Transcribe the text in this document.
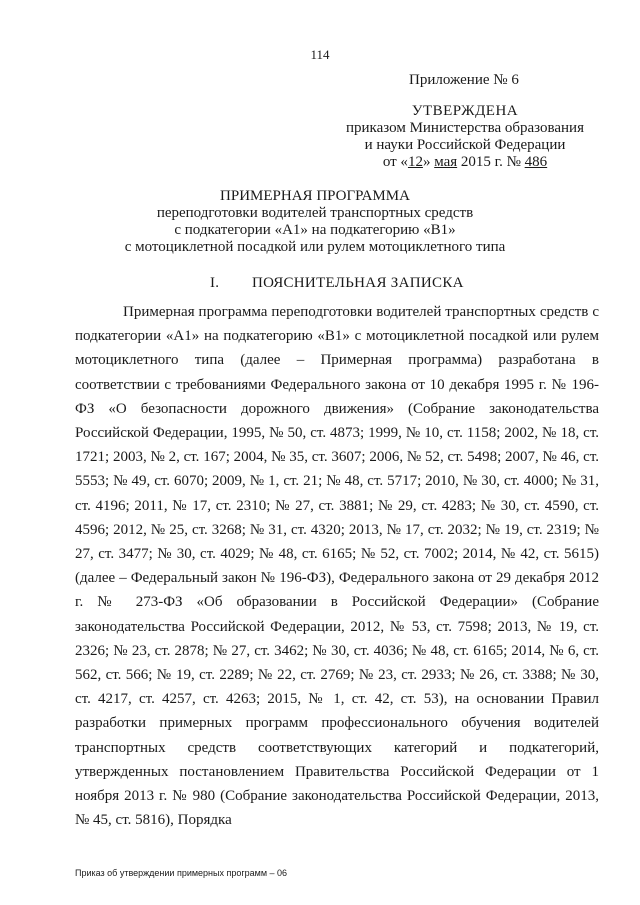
114
Приложение № 6
УТВЕРЖДЕНА
приказом Министерства образования
и науки Российской Федерации
от «12» мая 2015 г. № 486
ПРИМЕРНАЯ ПРОГРАММА
переподготовки водителей транспортных средств
с подкатегории «А1» на подкатегорию «В1»
с мотоциклетной посадкой или рулем мотоциклетного типа
I. ПОЯСНИТЕЛЬНАЯ ЗАПИСКА
Примерная программа переподготовки водителей транспортных средств с подкатегории «А1» на подкатегорию «В1» с мотоциклетной посадкой или рулем мотоциклетного типа (далее – Примерная программа) разработана в соответствии с требованиями Федерального закона от 10 декабря 1995 г. № 196-ФЗ «О безопасности дорожного движения» (Собрание законодательства Российской Федерации, 1995, № 50, ст. 4873; 1999, № 10, ст. 1158; 2002, № 18, ст. 1721; 2003, № 2, ст. 167; 2004, № 35, ст. 3607; 2006, № 52, ст. 5498; 2007, № 46, ст. 5553; № 49, ст. 6070; 2009, № 1, ст. 21; № 48, ст. 5717; 2010, № 30, ст. 4000; № 31, ст. 4196; 2011, № 17, ст. 2310; № 27, ст. 3881; № 29, ст. 4283; № 30, ст. 4590, ст. 4596; 2012, № 25, ст. 3268; № 31, ст. 4320; 2013, № 17, ст. 2032; № 19, ст. 2319; № 27, ст. 3477; № 30, ст. 4029; № 48, ст. 6165; № 52, ст. 7002; 2014, № 42, ст. 5615) (далее – Федеральный закон № 196-ФЗ), Федерального закона от 29 декабря 2012 г. № 273-ФЗ «Об образовании в Российской Федерации» (Собрание законодательства Российской Федерации, 2012, № 53, ст. 7598; 2013, № 19, ст. 2326; № 23, ст. 2878; № 27, ст. 3462; № 30, ст. 4036; № 48, ст. 6165; 2014, № 6, ст. 562, ст. 566; № 19, ст. 2289; № 22, ст. 2769; № 23, ст. 2933; № 26, ст. 3388; № 30, ст. 4217, ст. 4257, ст. 4263; 2015, № 1, ст. 42, ст. 53), на основании Правил разработки примерных программ профессионального обучения водителей транспортных средств соответствующих категорий и подкатегорий, утвержденных постановлением Правительства Российской Федерации от 1 ноября 2013 г. № 980 (Собрание законодательства Российской Федерации, 2013, № 45, ст. 5816), Порядка
Приказ об утверждении примерных программ – 06
